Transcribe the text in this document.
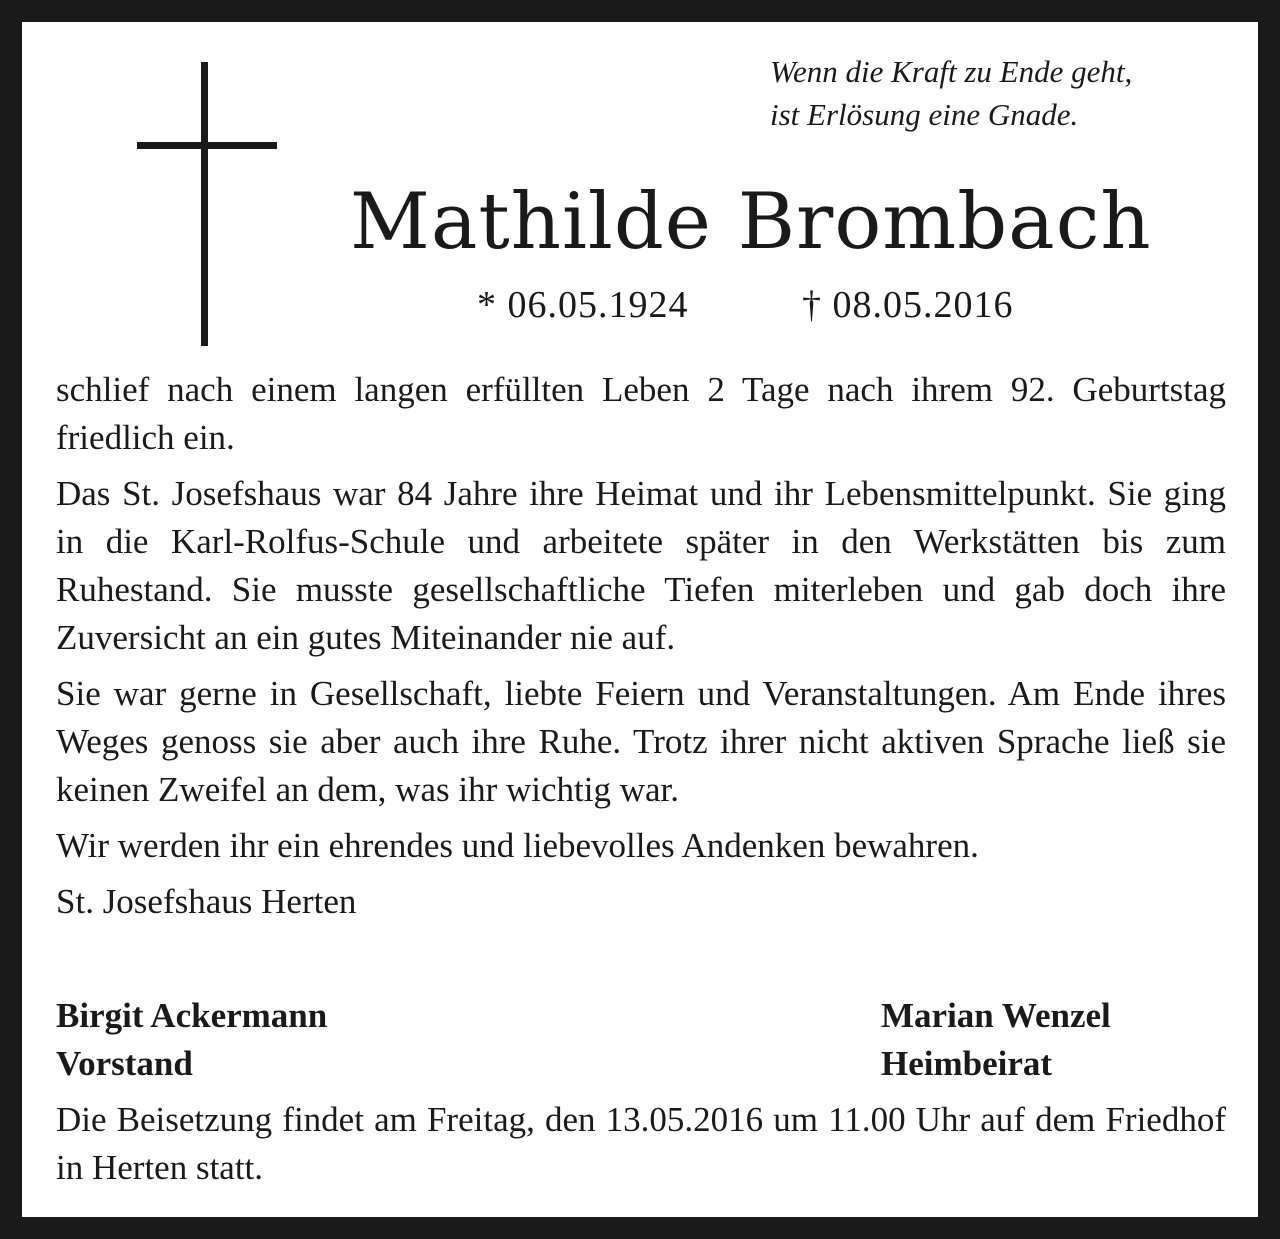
Wenn die Kraft zu Ende geht,
ist Erlösung eine Gnade.

Mathilde Brombach
* 06.05.1924	† 08.05.2016

schlief nach einem langen erfüllten Leben 2 Tage nach ihrem 92. Geburtstag friedlich ein.

Das St. Josefshaus war 84 Jahre ihre Heimat und ihr Lebensmittelpunkt. Sie ging in die Karl-Rolfus-Schule und arbeitete später in den Werkstätten bis zum Ruhestand. Sie musste gesellschaftliche Tiefen miterleben und gab doch ihre Zuversicht an ein gutes Miteinander nie auf.

Sie war gerne in Gesellschaft, liebte Feiern und Veranstaltungen. Am Ende ihres Weges genoss sie aber auch ihre Ruhe. Trotz ihrer nicht aktiven Sprache ließ sie keinen Zweifel an dem, was ihr wichtig war.

Wir werden ihr ein ehrendes und liebevolles Andenken bewahren.

St. Josefshaus Herten

Birgit Ackermann
Vorstand
Marian Wenzel
Heimbeirat

Die Beisetzung findet am Freitag, den 13.05.2016 um 11.00 Uhr auf dem Friedhof in Herten statt.
